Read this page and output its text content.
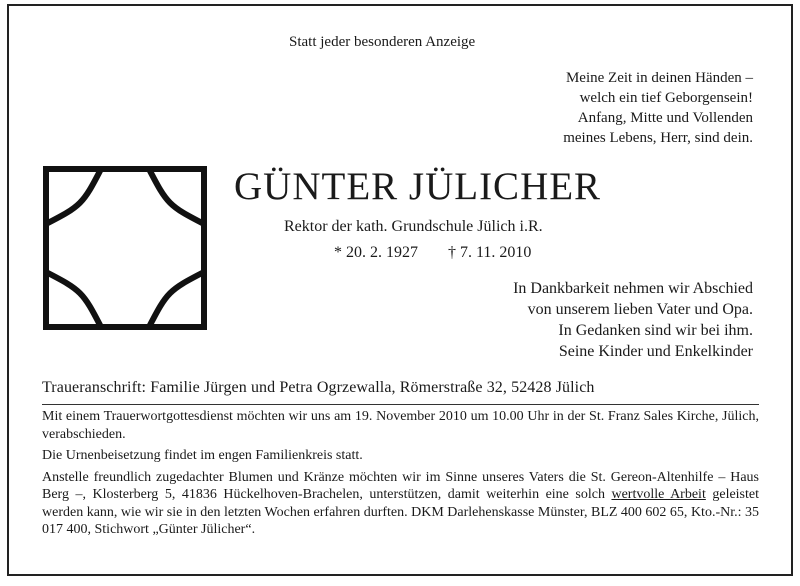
Statt jeder besonderen Anzeige
Meine Zeit in deinen Händen –
welch ein tief Geborgensein!
Anfang, Mitte und Vollenden
meines Lebens, Herr, sind dein.
GÜNTER JÜLICHER
Rektor der kath. Grundschule Jülich i.R.
* 20. 2. 1927 † 7. 11. 2010
In Dankbarkeit nehmen wir Abschied
von unserem lieben Vater und Opa.
In Gedanken sind wir bei ihm.
Seine Kinder und Enkelkinder
Traueranschrift: Familie Jürgen und Petra Ogrzewalla, Römerstraße 32, 52428 Jülich

Mit einem Trauerwortgottesdienst möchten wir uns am 19. November 2010 um 10.00 Uhr in der St. Franz Sales Kirche, Jülich, verabschieden.

Die Urnenbeisetzung findet im engen Familienkreis statt.

Anstelle freundlich zugedachter Blumen und Kränze möchten wir im Sinne unseres Vaters die St. Gereon-Altenhilfe – Haus Berg –, Klosterberg 5, 41836 Hückelhoven-Brachelen, unterstützen, damit weiterhin eine solch wertvolle Arbeit geleistet werden kann, wie wir sie in den letzten Wochen erfahren durften. DKM Darlehenskasse Münster, BLZ 400 602 65, Kto.-Nr.: 35 017 400, Stichwort „Günter Jülicher“.
